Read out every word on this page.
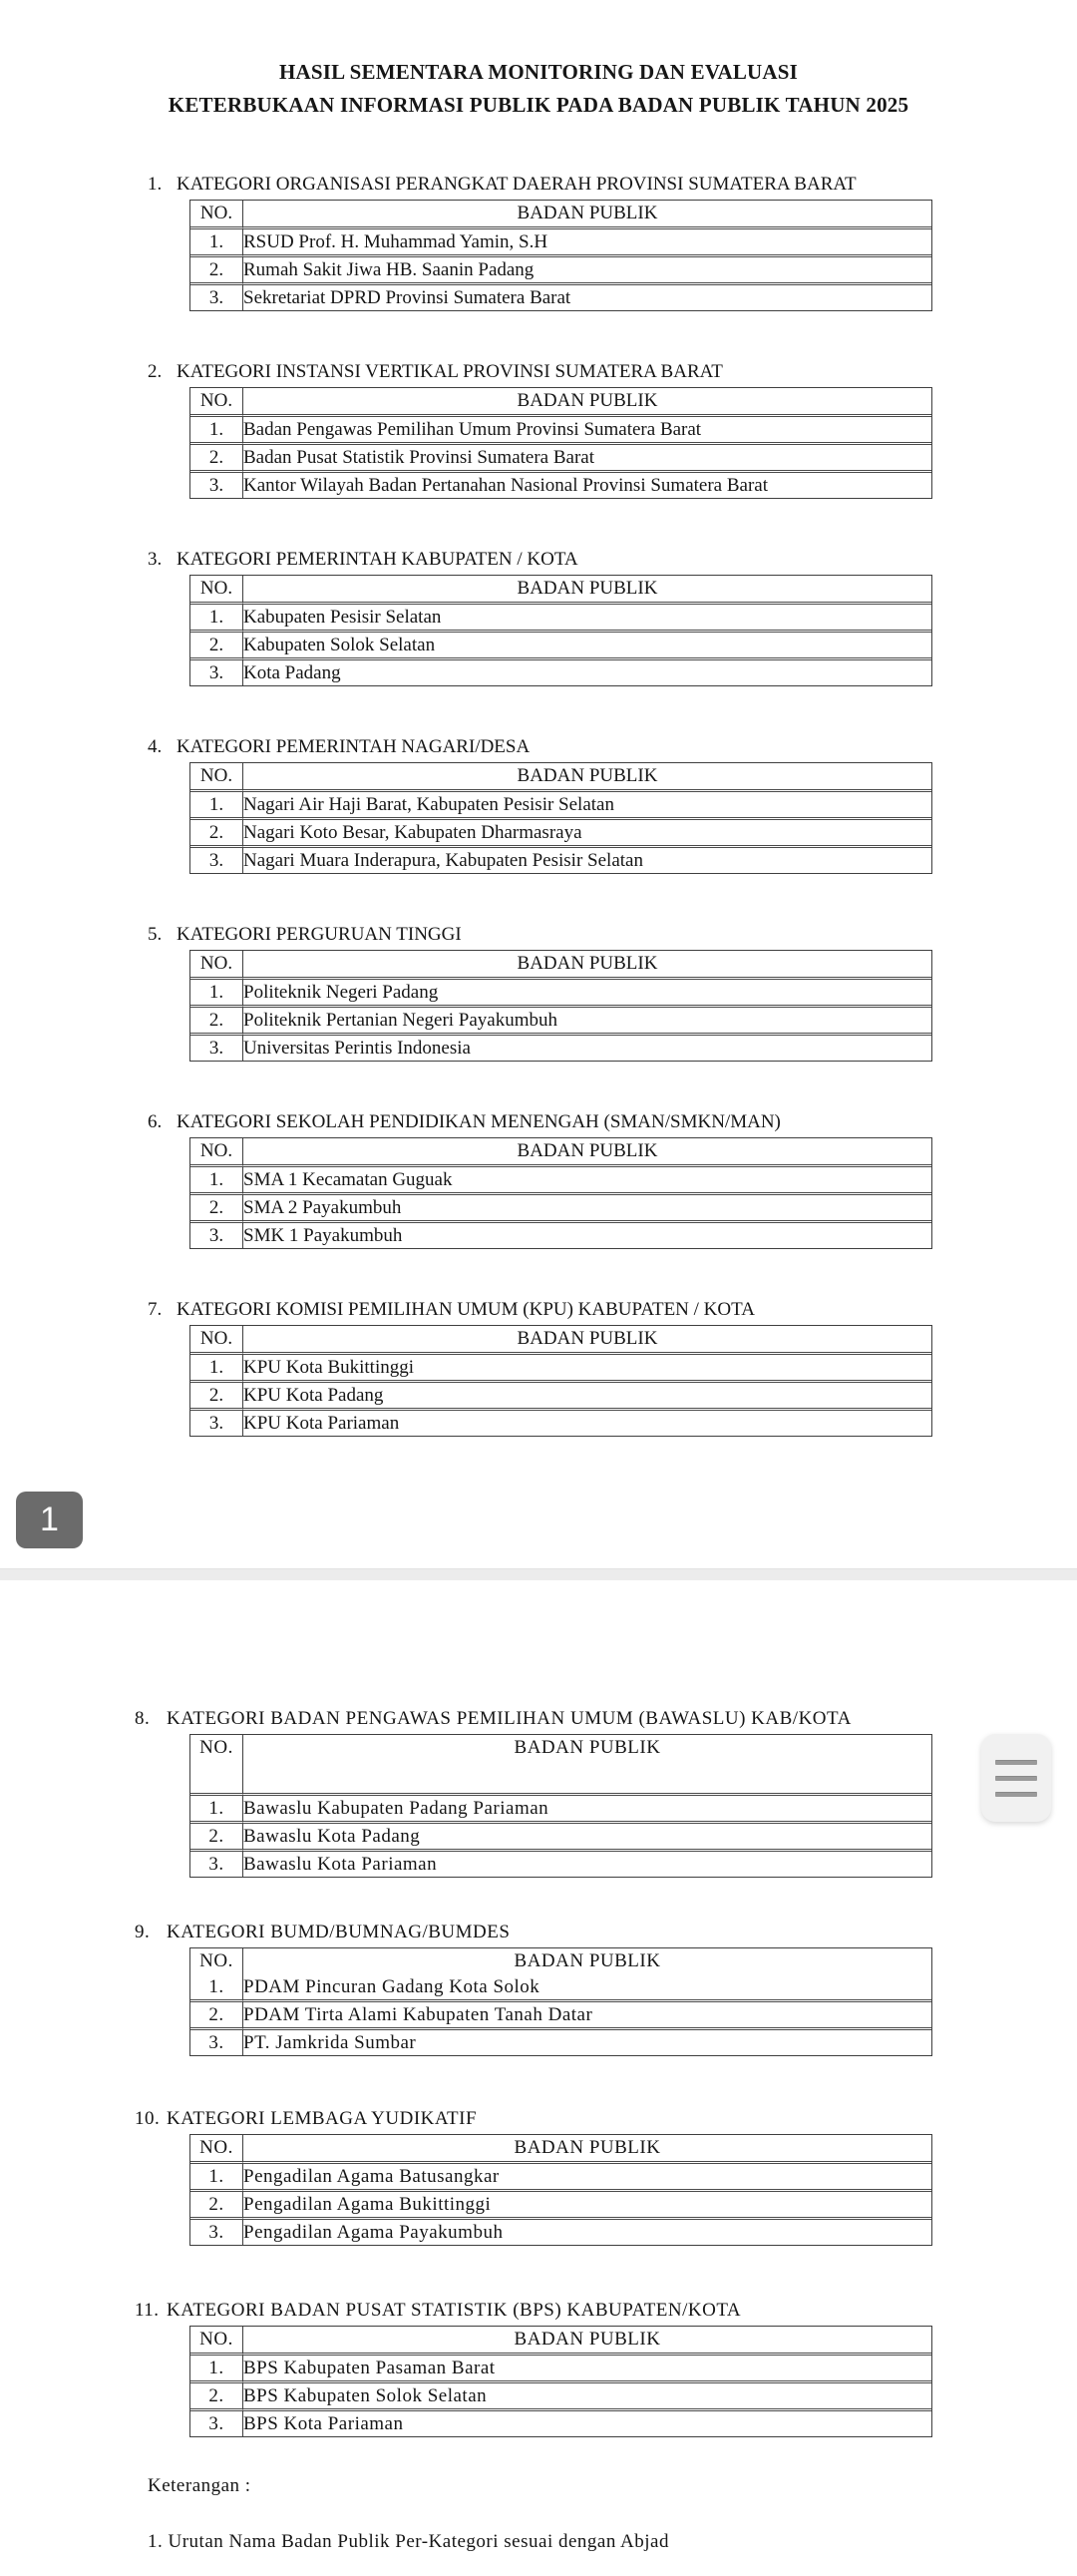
HASIL SEMENTARA MONITORING DAN EVALUASI
KETERBUKAAN INFORMASI PUBLIK PADA BADAN PUBLIK TAHUN 2025
1. KATEGORI ORGANISASI PERANGKAT DAERAH PROVINSI SUMATERA BARAT
NO.	BADAN PUBLIK
1.	RSUD Prof. H. Muhammad Yamin, S.H
2.	Rumah Sakit Jiwa HB. Saanin Padang
3.	Sekretariat DPRD Provinsi Sumatera Barat
2. KATEGORI INSTANSI VERTIKAL PROVINSI SUMATERA BARAT
NO.	BADAN PUBLIK
1.	Badan Pengawas Pemilihan Umum Provinsi Sumatera Barat
2.	Badan Pusat Statistik Provinsi Sumatera Barat
3.	Kantor Wilayah Badan Pertanahan Nasional Provinsi Sumatera Barat
3. KATEGORI PEMERINTAH KABUPATEN / KOTA
NO.	BADAN PUBLIK
1.	Kabupaten Pesisir Selatan
2.	Kabupaten Solok Selatan
3.	Kota Padang
4. KATEGORI PEMERINTAH NAGARI/DESA
NO.	BADAN PUBLIK
1.	Nagari Air Haji Barat, Kabupaten Pesisir Selatan
2.	Nagari Koto Besar, Kabupaten Dharmasraya
3.	Nagari Muara Inderapura, Kabupaten Pesisir Selatan
5. KATEGORI PERGURUAN TINGGI
NO.	BADAN PUBLIK
1.	Politeknik Negeri Padang
2.	Politeknik Pertanian Negeri Payakumbuh
3.	Universitas Perintis Indonesia
6. KATEGORI SEKOLAH PENDIDIKAN MENENGAH (SMAN/SMKN/MAN)
NO.	BADAN PUBLIK
1.	SMA 1 Kecamatan Guguak
2.	SMA 2 Payakumbuh
3.	SMK 1 Payakumbuh
7. KATEGORI KOMISI PEMILIHAN UMUM (KPU) KABUPATEN / KOTA
NO.	BADAN PUBLIK
1.	KPU Kota Bukittinggi
2.	KPU Kota Padang
3.	KPU Kota Pariaman
8. KATEGORI BADAN PENGAWAS PEMILIHAN UMUM (BAWASLU) KAB/KOTA
NO.	BADAN PUBLIK
1.	Bawaslu Kabupaten Padang Pariaman
2.	Bawaslu Kota Padang
3.	Bawaslu Kota Pariaman
9. KATEGORI BUMD/BUMNAG/BUMDES
NO.	BADAN PUBLIK
1.	PDAM Pincuran Gadang Kota Solok
2.	PDAM Tirta Alami Kabupaten Tanah Datar
3.	PT. Jamkrida Sumbar
10. KATEGORI LEMBAGA YUDIKATIF
NO.	BADAN PUBLIK
1.	Pengadilan Agama Batusangkar
2.	Pengadilan Agama Bukittinggi
3.	Pengadilan Agama Payakumbuh
11. KATEGORI BADAN PUSAT STATISTIK (BPS) KABUPATEN/KOTA
NO.	BADAN PUBLIK
1.	BPS Kabupaten Pasaman Barat
2.	BPS Kabupaten Solok Selatan
3.	BPS Kota Pariaman
Keterangan :
1. Urutan Nama Badan Publik Per-Kategori sesuai dengan Abjad
1
